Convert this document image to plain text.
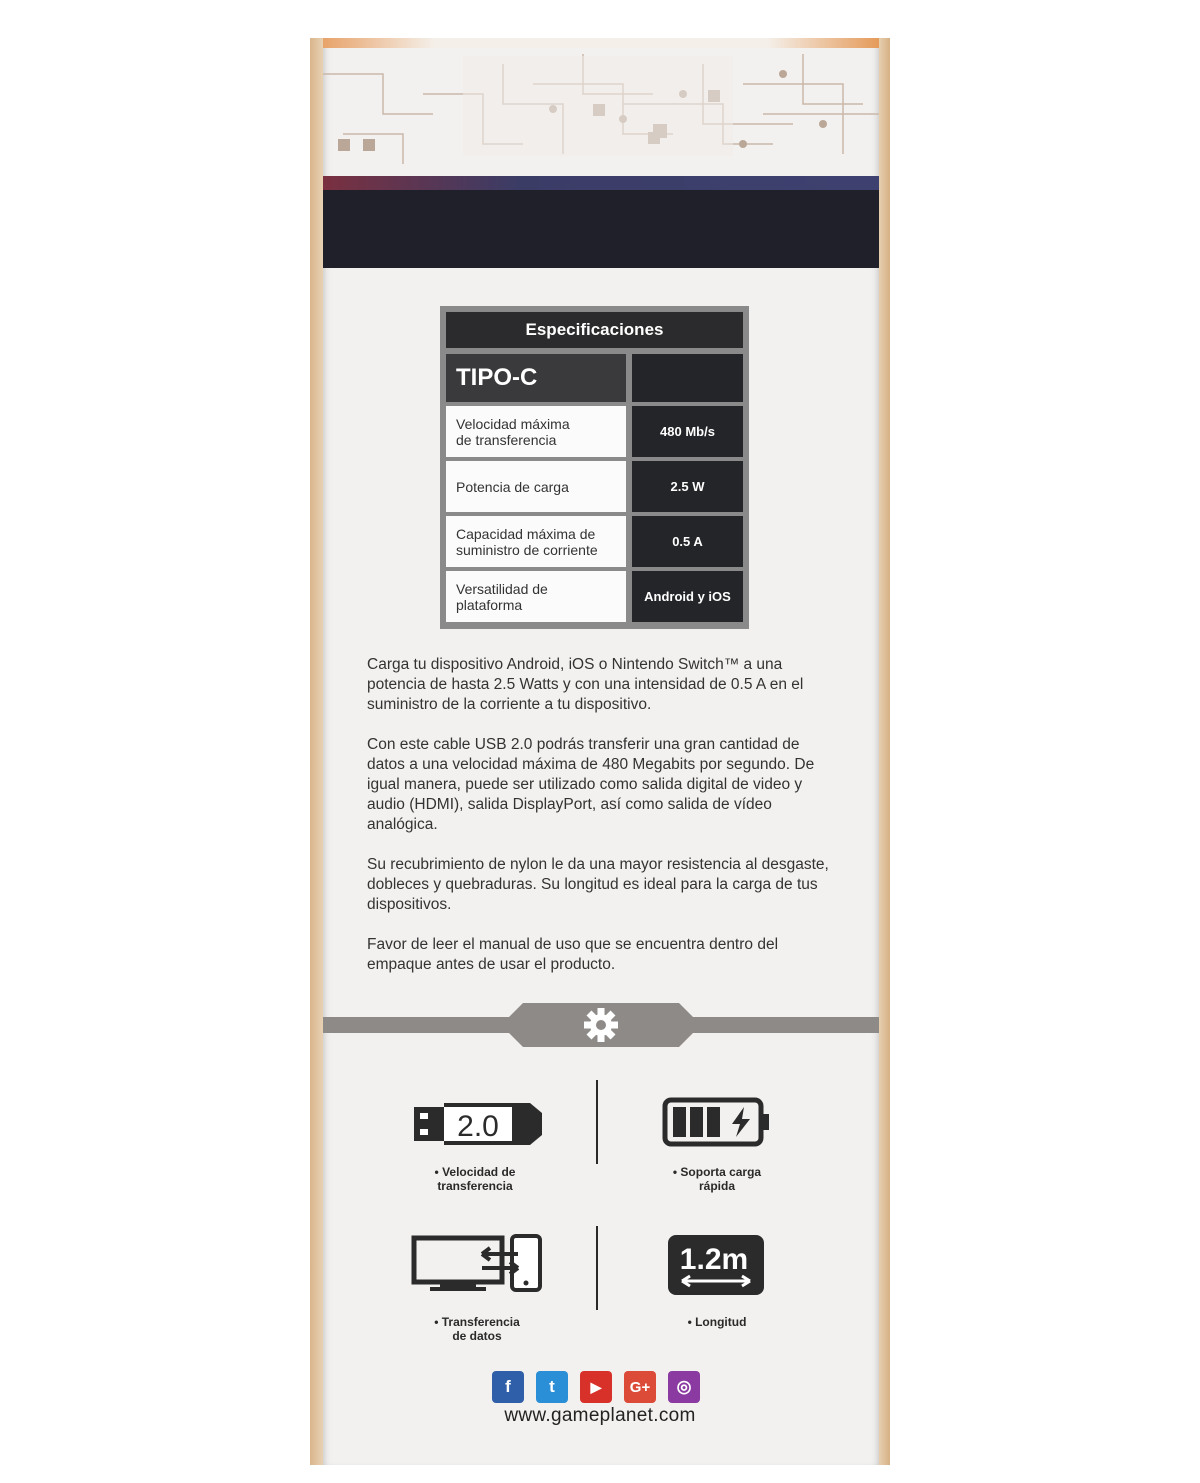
Especificaciones
TIPO-C
Velocidad máxima
de transferencia	480 Mb/s
Potencia de carga	2.5 W
Capacidad máxima de
suministro de corriente	0.5 A
Versatilidad de
plataforma	Android y iOS

Carga tu dispositivo Android, iOS o Nintendo Switch™ a una potencia de hasta 2.5 Watts y con una intensidad de 0.5 A en el suministro de la corriente a tu dispositivo.

Con este cable USB 2.0 podrás transferir una gran cantidad de datos a una velocidad máxima de 480 Megabits por segundo. De igual manera, puede ser utilizado como salida digital de video y audio (HDMI), salida DisplayPort, así como salida de vídeo analógica.

Su recubrimiento de nylon le da una mayor resistencia al desgaste, dobleces y quebraduras. Su longitud es ideal para la carga de tus dispositivos.

Favor de leer el manual de uso que se encuentra dentro del empaque antes de usar el producto.

2.0
• Velocidad de
transferencia
• Soporta carga
rápida
• Transferencia
de datos
1.2m
• Longitud
f	t	▶	G+	◎
www.gameplanet.com
